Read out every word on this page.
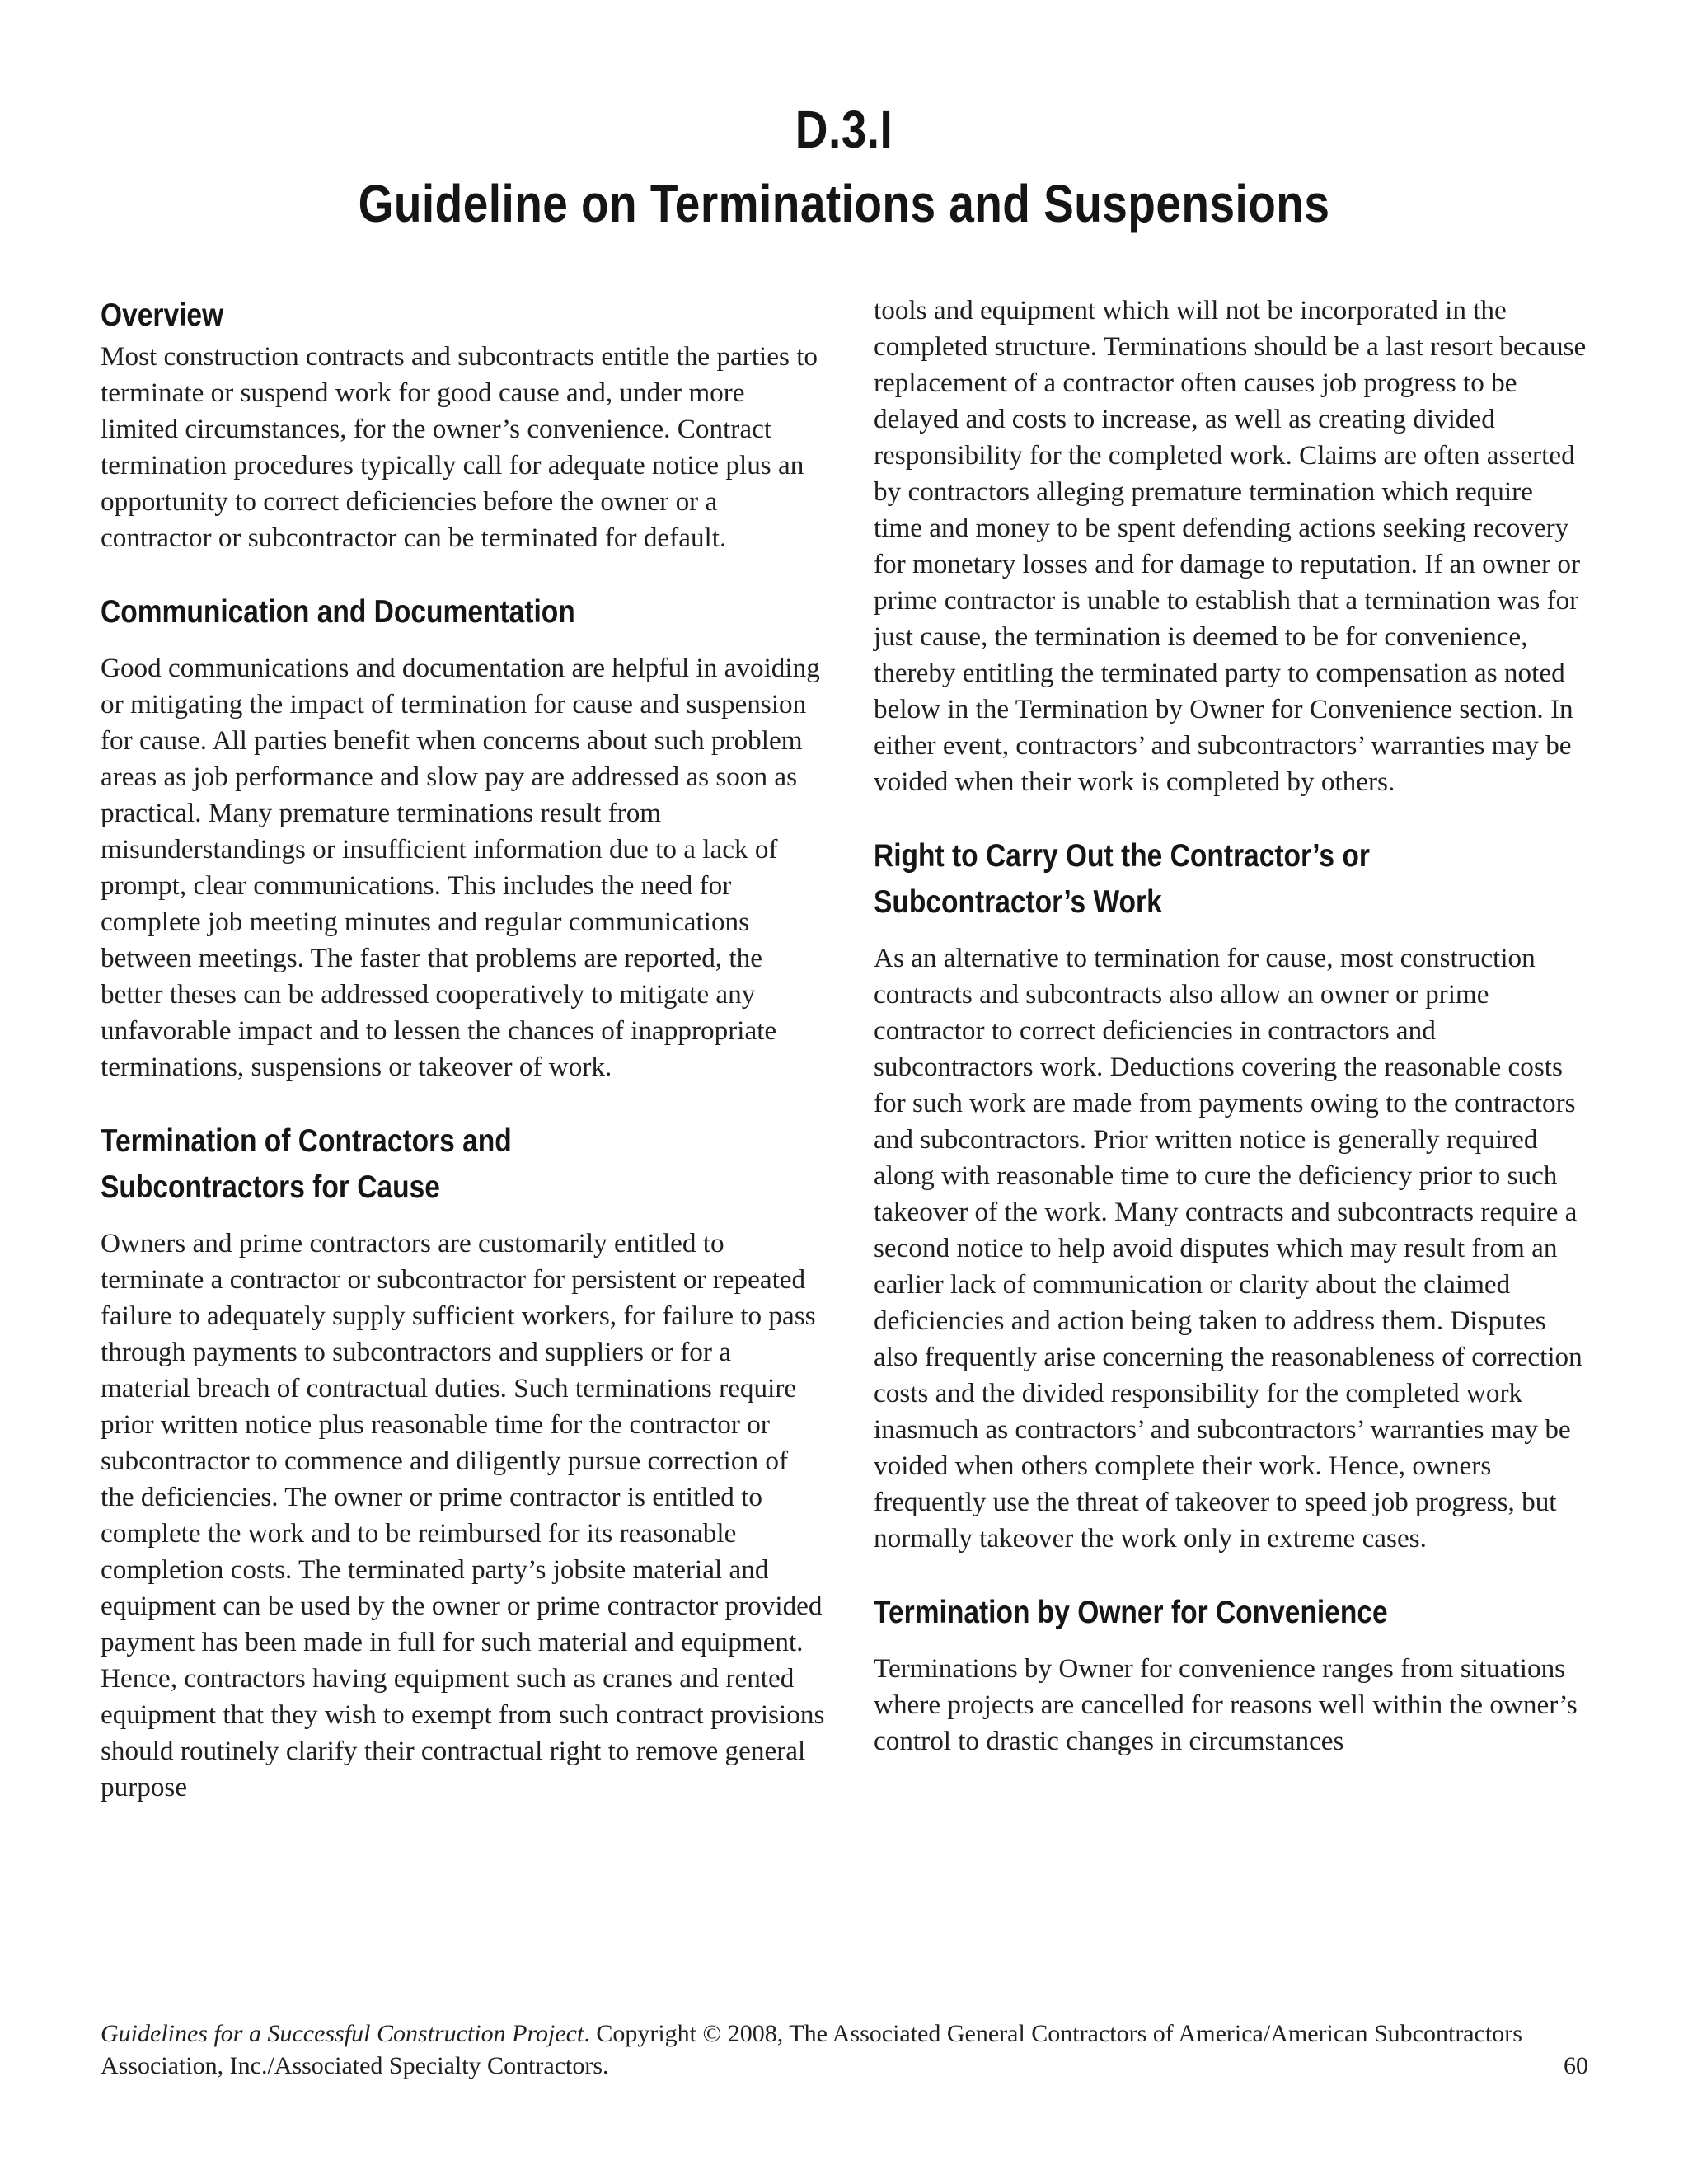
D.3.I
Guideline on Terminations and Suspensions
Overview

Most construction contracts and subcontracts entitle the parties to terminate or suspend work for good cause and, under more limited circumstances, for the owner’s convenience. Contract termination procedures typically call for adequate notice plus an opportunity to correct deficiencies before the owner or a contractor or subcontractor can be terminated for default.

Communication and Documentation

Good communications and documentation are helpful in avoiding or mitigating the impact of termination for cause and suspension for cause. All parties benefit when concerns about such problem areas as job performance and slow pay are addressed as soon as practical. Many premature terminations result from misunderstandings or insufficient information due to a lack of prompt, clear communications. This includes the need for complete job meeting minutes and regular communications between meetings. The faster that problems are reported, the better theses can be addressed cooperatively to mitigate any unfavorable impact and to lessen the chances of inappropriate terminations, suspensions or takeover of work.

Termination of Contractors and
Subcontractors for Cause

Owners and prime contractors are customarily entitled to terminate a contractor or subcontractor for persistent or repeated failure to adequately supply sufficient workers, for failure to pass through payments to subcontractors and suppliers or for a material breach of contractual duties. Such terminations require prior written notice plus reasonable time for the contractor or subcontractor to commence and diligently pursue correction of the deficiencies. The owner or prime contractor is entitled to complete the work and to be reimbursed for its reasonable completion costs. The terminated party’s jobsite material and equipment can be used by the owner or prime contractor provided payment has been made in full for such material and equipment. Hence, contractors having equipment such as cranes and rented equipment that they wish to exempt from such contract provisions should routinely clarify their contractual right to remove general purpose

tools and equipment which will not be incorporated in the completed structure. Terminations should be a last resort because replacement of a contractor often causes job progress to be delayed and costs to increase, as well as creating divided responsibility for the completed work. Claims are often asserted by contractors alleging premature termination which require time and money to be spent defending actions seeking recovery for monetary losses and for damage to reputation. If an owner or prime contractor is unable to establish that a termination was for just cause, the termination is deemed to be for convenience, thereby entitling the terminated party to compensation as noted below in the Termination by Owner for Convenience section. In either event, contractors’ and subcontractors’ warranties may be voided when their work is completed by others.

Right to Carry Out the Contractor’s or
Subcontractor’s Work

As an alternative to termination for cause, most construction contracts and subcontracts also allow an owner or prime contractor to correct deficiencies in contractors and subcontractors work. Deductions covering the reasonable costs for such work are made from payments owing to the contractors and subcontractors. Prior written notice is generally required along with reasonable time to cure the deficiency prior to such takeover of the work. Many contracts and subcontracts require a second notice to help avoid disputes which may result from an earlier lack of communication or clarity about the claimed deficiencies and action being taken to address them. Disputes also frequently arise concerning the reasonableness of correction costs and the divided responsibility for the completed work inasmuch as contractors’ and subcontractors’ warranties may be voided when others complete their work. Hence, owners frequently use the threat of takeover to speed job progress, but normally takeover the work only in extreme cases.

Termination by Owner for Convenience

Terminations by Owner for convenience ranges from situations where projects are cancelled for reasons well within the owner’s control to drastic changes in circumstances

Guidelines for a Successful Construction Project. Copyright © 2008, The Associated General Contractors of America/American Subcontractors Association, Inc./Associated Specialty Contractors.	60
